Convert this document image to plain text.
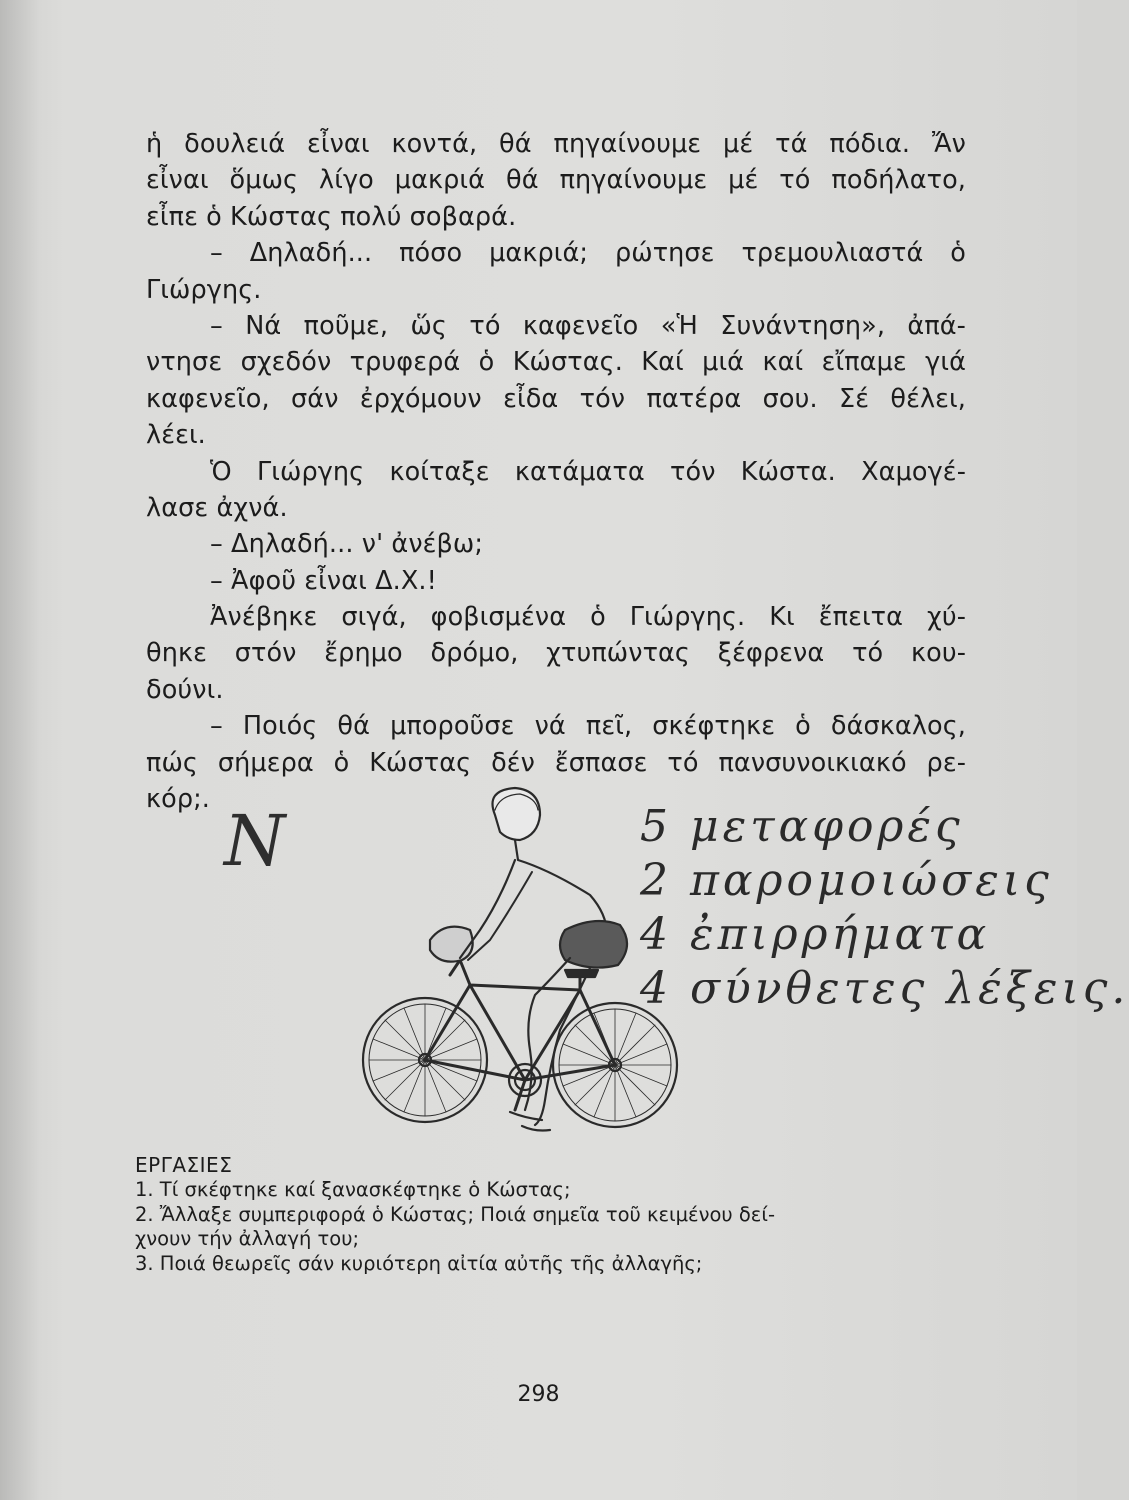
ἡ δουλειά εἶναι κοντά, θά πηγαίνουμε μέ τά πόδια. Ἄν
εἶναι ὅμως λίγο μακριά θά πηγαίνουμε μέ τό ποδήλατο,
εἶπε ὁ Κώστας πολύ σοβαρά.
– Δηλαδή... πόσο μακριά; ρώτησε τρεμουλιαστά ὁ
Γιώργης.
– Νά ποῦμε, ὥς τό καφενεῖο «Ἡ Συνάντηση», ἀπά-
ντησε σχεδόν τρυφερά ὁ Κώστας. Καί μιά καί εἴπαμε γιά
καφενεῖο, σάν ἐρχόμουν εἶδα τόν πατέρα σου. Σέ θέλει,
λέει.
Ὁ Γιώργης κοίταξε κατάματα τόν Κώστα. Χαμογέ-
λασε ἀχνά.
– Δηλαδή... ν' ἀνέβω;
– Ἀφοῦ εἶναι Δ.Χ.!
Ἀνέβηκε σιγά, φοβισμένα ὁ Γιώργης. Κι ἔπειτα χύ-
θηκε στόν ἔρημο δρόμο, χτυπώντας ξέφρενα τό κου-
δούνι.
– Ποιός θά μποροῦσε νά πεῖ, σκέφτηκε ὁ δάσκαλος,
πώς σήμερα ὁ Κώστας δέν ἔσπασε τό πανσυνοικιακό ρε-
κόρ;.
N	5 μεταφορές
2 παρομοιώσεις
4 ἐπιρρήματα
4 σύνθετες λέξεις.
ΕΡΓΑΣΙΕΣ
1. Τί σκέφτηκε καί ξανασκέφτηκε ὁ Κώστας;
2. Ἄλλαξε συμπεριφορά ὁ Κώστας; Ποιά σημεῖα τοῦ κειμένου δεί-
χνουν τήν ἀλλαγή του;
3. Ποιά θεωρεῖς σάν κυριότερη αἰτία αὐτῆς τῆς ἀλλαγῆς;
298
